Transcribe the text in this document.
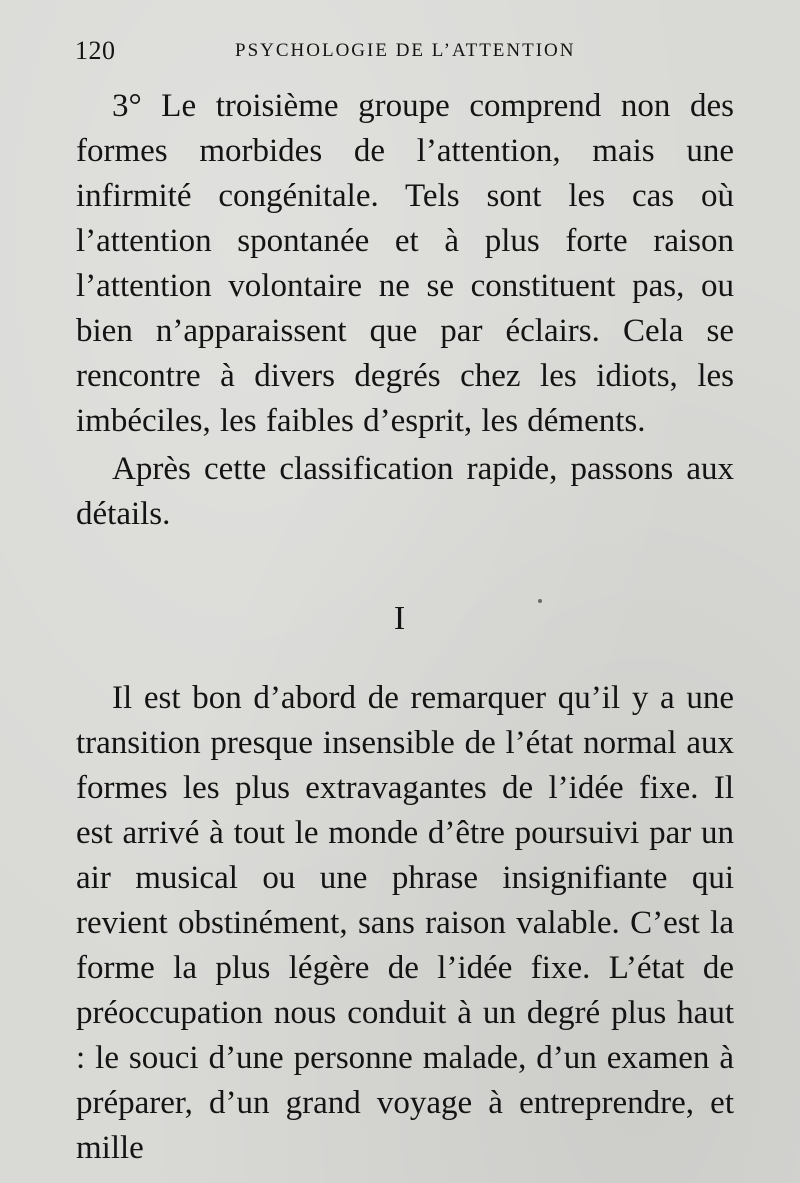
120	PSYCHOLOGIE DE L’ATTENTION

3° Le troisième groupe comprend non des formes morbides de l’attention, mais une infirmité congénitale. Tels sont les cas où l’attention spontanée et à plus forte raison l’attention volontaire ne se constituent pas, ou bien n’apparaissent que par éclairs. Cela se rencontre à divers degrés chez les idiots, les imbéciles, les faibles d’esprit, les déments.

Après cette classification rapide, passons aux détails.

I

Il est bon d’abord de remarquer qu’il y a une transition presque insensible de l’état normal aux formes les plus extravagantes de l’idée fixe. Il est arrivé à tout le monde d’être poursuivi par un air musical ou une phrase insignifiante qui revient obstinément, sans raison valable. C’est la forme la plus légère de l’idée fixe. L’état de préoccupation nous conduit à un degré plus haut : le souci d’une personne malade, d’un examen à préparer, d’un grand voyage à entreprendre, et mille
